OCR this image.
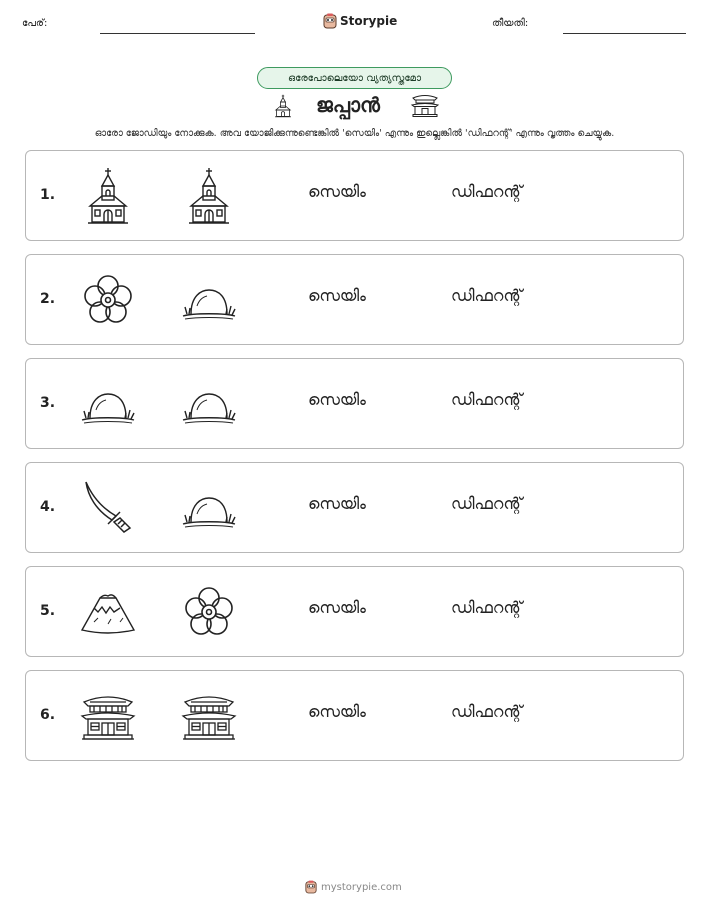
പേര്:	Storypie	തീയതി:
ഒരേപോലെയോ വ്യത്യസ്തമോ
ജപ്പാൻ
ഓരോ ജോഡിയും നോക്കുക. അവ യോജിക്കുന്നുണ്ടെങ്കിൽ 'സെയിം' എന്നും ഇല്ലെങ്കിൽ 'ഡിഫറന്റ്' എന്നും വൃത്തം ചെയ്യുക.
1.	സെയിം	ഡിഫറന്റ്
2.	സെയിം	ഡിഫറന്റ്
3.	സെയിം	ഡിഫറന്റ്
4.	സെയിം	ഡിഫറന്റ്
5.	സെയിം	ഡിഫറന്റ്
6.	സെയിം	ഡിഫറന്റ്
mystorypie.com
